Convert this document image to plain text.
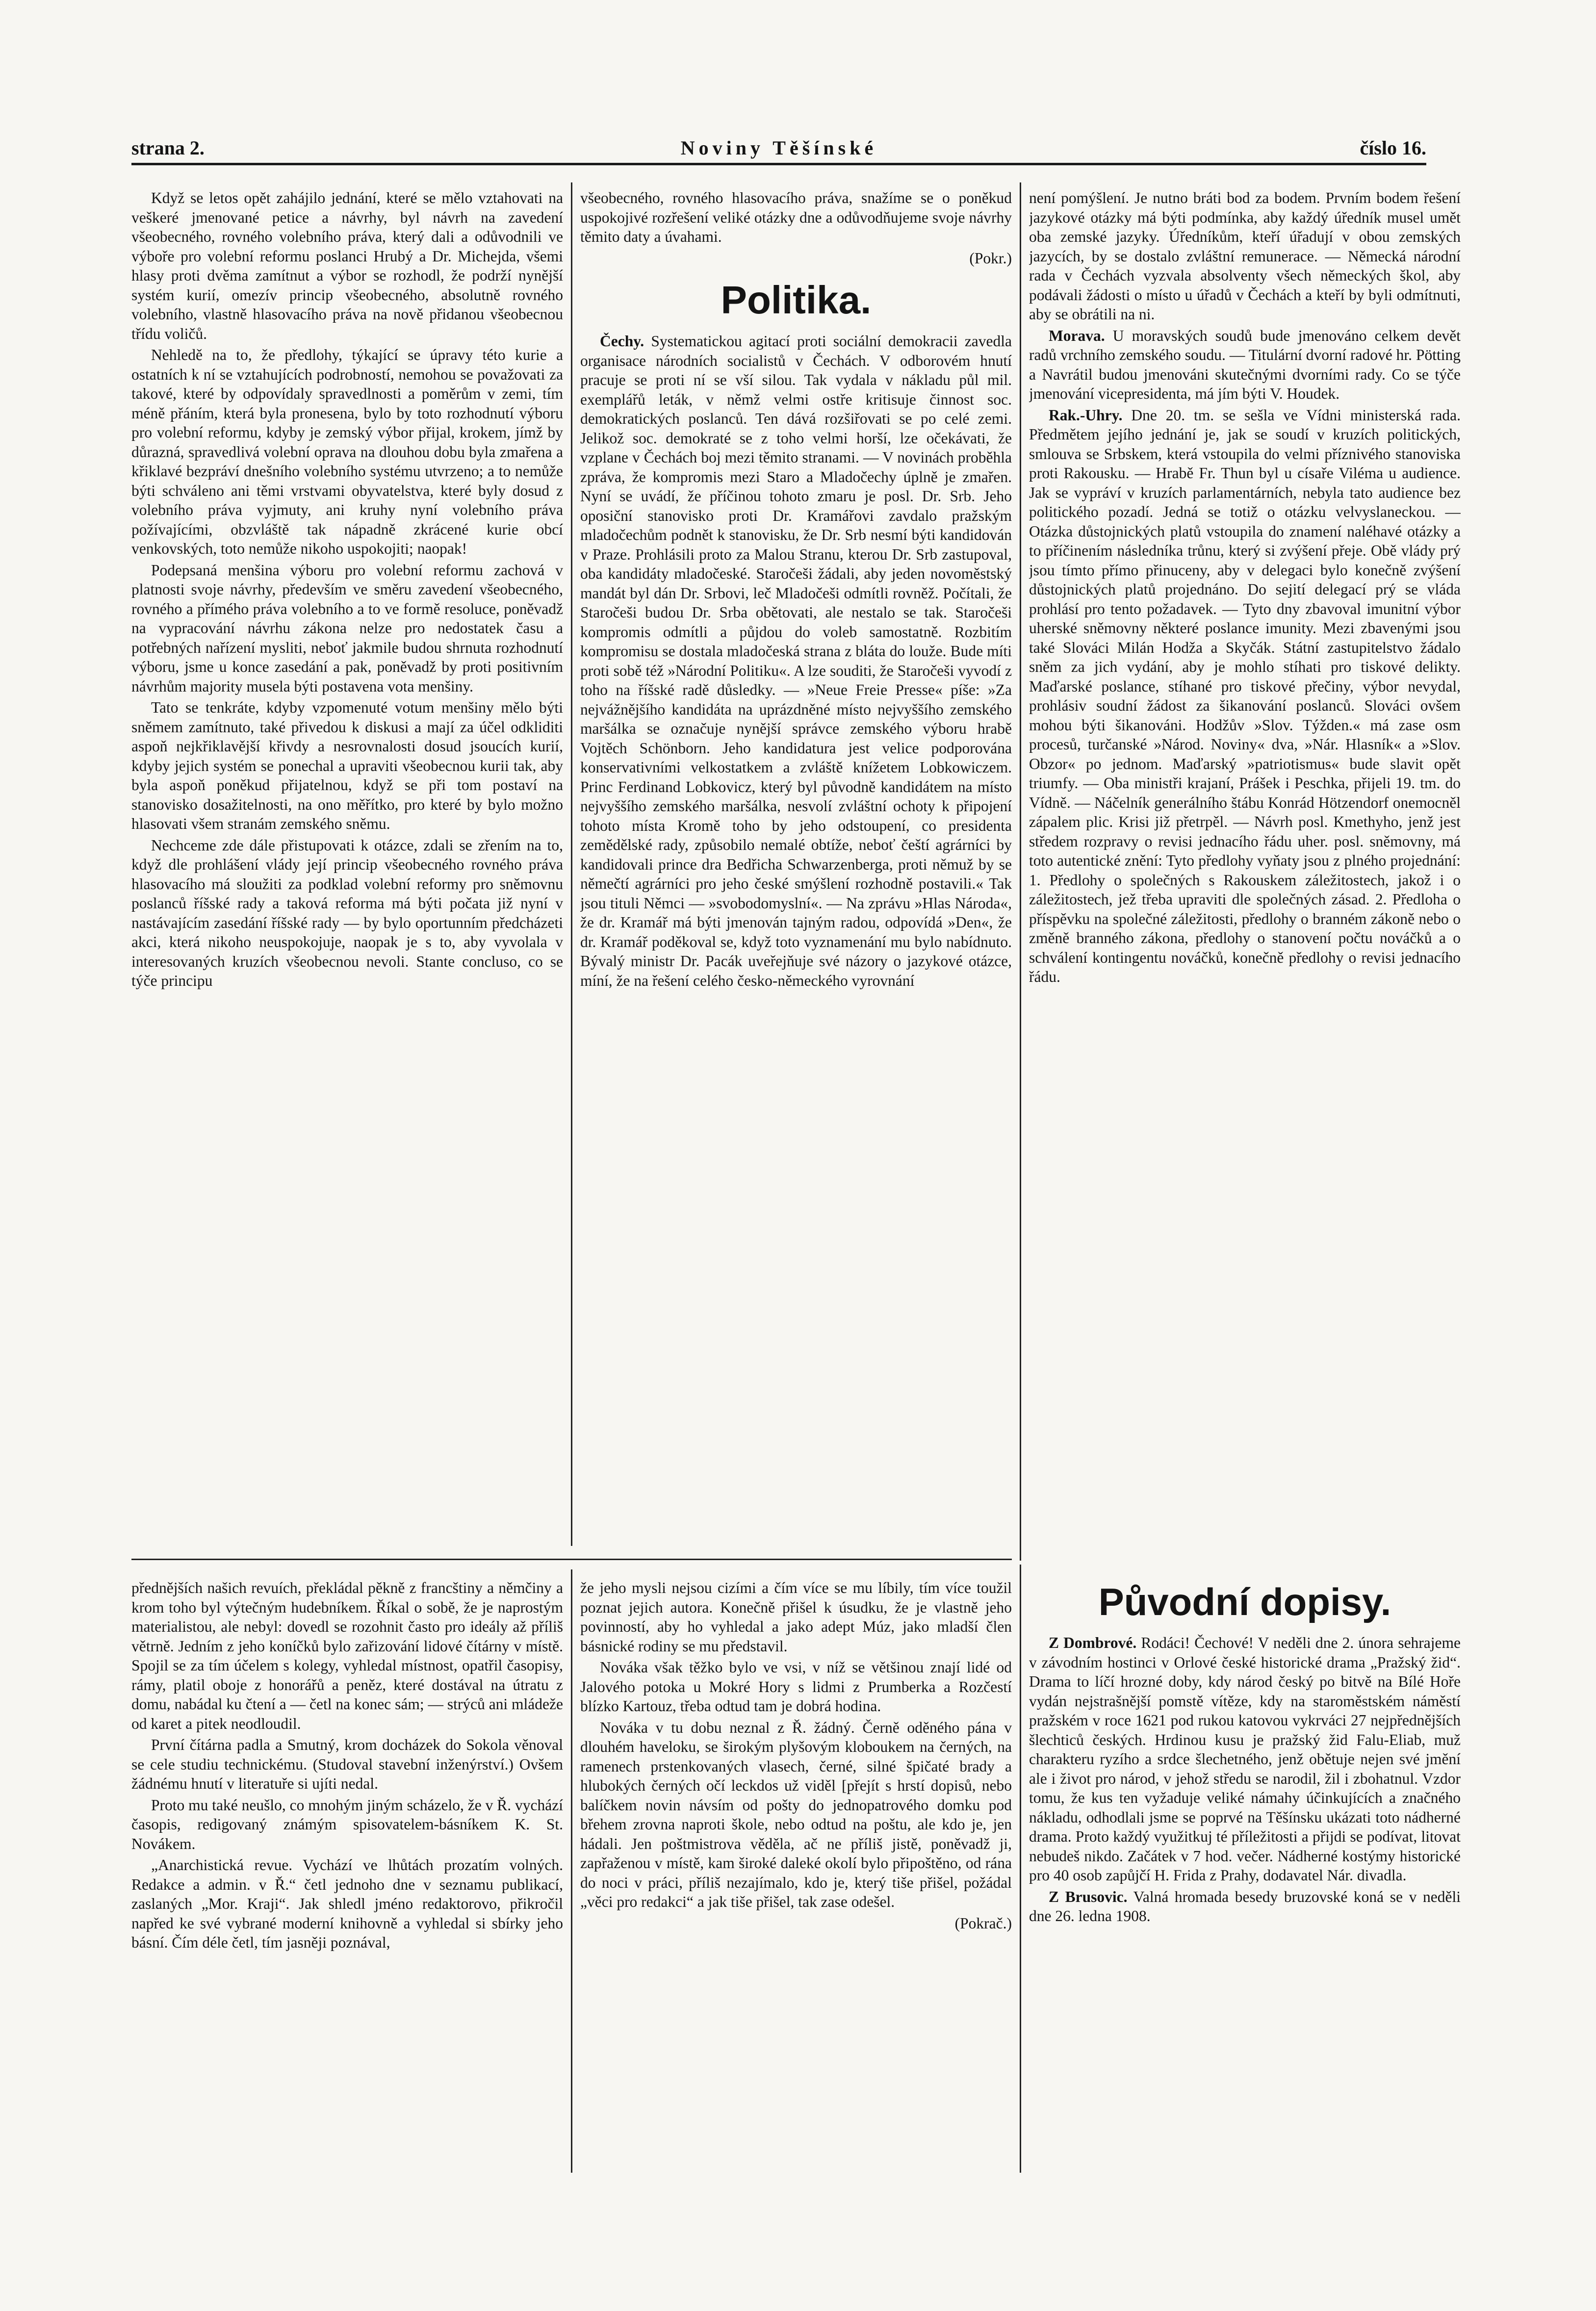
strana 2.	Noviny Těšínské	číslo 16.

Když se letos opět zahájilo jednání, které se mělo vztahovati na veškeré jmenované petice a návrhy, byl návrh na zavedení všeobecného, rovného volebního práva, který dali a odůvodnili ve výboře pro volební reformu poslanci Hrubý a Dr. Michejda, všemi hlasy proti dvěma zamítnut a výbor se rozhodl, že podrží nynější systém kurií, omezív princip všeobecného, absolutně rovného volebního, vlastně hlasovacího práva na nově přidanou všeobecnou třídu voličů.

Nehledě na to, že předlohy, týkající se úpravy této kurie a ostatních k ní se vztahujících podrobností, nemohou se považovati za takové, které by odpovídaly spravedlnosti a poměrům v zemi, tím méně přáním, která byla pronesena, bylo by toto rozhodnutí výboru pro volební reformu, kdyby je zemský výbor přijal, krokem, jímž by důrazná, spravedlivá volební oprava na dlouhou dobu byla zmařena a křiklavé bezpráví dnešního volebního systému utvrzeno; a to nemůže býti schváleno ani těmi vrstvami obyvatelstva, které byly dosud z volebního práva vyjmuty, ani kruhy nyní volebního práva požívajícími, obzvláště tak nápadně zkrácené kurie obcí venkovských, toto nemůže nikoho uspokojiti; naopak!

Podepsaná menšina výboru pro volební reformu zachová v platnosti svoje návrhy, především ve směru zavedení všeobecného, rovného a přímého práva volebního a to ve formě resoluce, poněvadž na vypracování návrhu zákona nelze pro nedostatek času a potřebných nařízení mysliti, neboť jakmile budou shrnuta rozhodnutí výboru, jsme u konce zasedání a pak, poněvadž by proti positivním návrhům majority musela býti postavena vota menšiny.

Tato se tenkráte, kdyby vzpomenuté votum menšiny mělo býti sněmem zamítnuto, také přivedou k diskusi a mají za účel odkliditi aspoň nejkřiklavější křivdy a nesrovnalosti dosud jsoucích kurií, kdyby jejich systém se ponechal a upraviti všeobecnou kurii tak, aby byla aspoň poněkud přijatelnou, když se při tom postaví na stanovisko dosažitelnosti, na ono měřítko, pro které by bylo možno hlasovati všem stranám zemského sněmu.

Nechceme zde dále přistupovati k otázce, zdali se zřením na to, když dle prohlášení vlády její princip všeobecného rovného práva hlasovacího má sloužiti za podklad volební reformy pro sněmovnu poslanců říšské rady a taková reforma má býti počata již nyní v nastávajícím zasedání říšské rady — by bylo oportunním předcházeti akci, která nikoho neuspokojuje, naopak je s to, aby vyvolala v interesovaných kruzích všeobecnou nevoli. Stante concluso, co se týče principu

všeobecného, rovného hlasovacího práva, snažíme se o poněkud uspokojivé rozřešení veliké otázky dne a odůvodňujeme svoje návrhy těmito daty a úvahami.

(Pokr.)

Politika.

Čechy. Systematickou agitací proti sociální demokracii zavedla organisace národních socialistů v Čechách. V odborovém hnutí pracuje se proti ní se vší silou. Tak vydala v nákladu půl mil. exemplářů leták, v němž velmi ostře kritisuje činnost soc. demokratických poslanců. Ten dává rozšiřovati se po celé zemi. Jelikož soc. demokraté se z toho velmi horší, lze očekávati, že vzplane v Čechách boj mezi těmito stranami. — V novinách proběhla zpráva, že kompromis mezi Staro a Mladočechy úplně je zmařen. Nyní se uvádí, že příčinou tohoto zmaru je posl. Dr. Srb. Jeho oposiční stanovisko proti Dr. Kramářovi zavdalo pražským mladočechům podnět k stanovisku, že Dr. Srb nesmí býti kandidován v Praze. Prohlásili proto za Malou Stranu, kterou Dr. Srb zastupoval, oba kandidáty mladočeské. Staročeši žádali, aby jeden novoměstský mandát byl dán Dr. Srbovi, leč Mladočeši odmítli rovněž. Počítali, že Staročeši budou Dr. Srba obětovati, ale nestalo se tak. Staročeši kompromis odmítli a půjdou do voleb samostatně. Rozbitím kompromisu se dostala mladočeská strana z bláta do louže. Bude míti proti sobě též »Národní Politiku«. A lze souditi, že Staročeši vyvodí z toho na říšské radě důsledky. — »Neue Freie Presse« píše: »Za nejvážnějšího kandidáta na uprázdněné místo nejvyššího zemského maršálka se označuje nynější správce zemského výboru hrabě Vojtěch Schönborn. Jeho kandidatura jest velice podporována konservativními velkostatkem a zvláště knížetem Lobkowiczem. Princ Ferdinand Lobkovicz, který byl původně kandidátem na místo nejvyššího zemského maršálka, nesvolí zvláštní ochoty k připojení tohoto místa Kromě toho by jeho odstoupení, co presidenta zemědělské rady, způsobilo nemalé obtíže, neboť čeští agrárníci by kandidovali prince dra Bedřicha Schwarzenberga, proti němuž by se němečtí agrárníci pro jeho české smýšlení rozhodně postavili.« Tak jsou tituli Němci — »svobodomyslní«. — Na zprávu »Hlas Národa«, že dr. Kramář má býti jmenován tajným radou, odpovídá »Den«, že dr. Kramář poděkoval se, když toto vyznamenání mu bylo nabídnuto. Bývalý ministr Dr. Pacák uveřejňuje své názory o jazykové otázce, míní, že na řešení celého česko-německého vyrovnání

není pomýšlení. Je nutno bráti bod za bodem. Prvním bodem řešení jazykové otázky má býti podmínka, aby každý úředník musel umět oba zemské jazyky. Úředníkům, kteří úřadují v obou zemských jazycích, by se dostalo zvláštní remunerace. — Německá národní rada v Čechách vyzvala absolventy všech německých škol, aby podávali žádosti o místo u úřadů v Čechách a kteří by byli odmítnuti, aby se obrátili na ni.

Morava. U moravských soudů bude jmenováno celkem devět radů vrchního zemského soudu. — Titulární dvorní radové hr. Pötting a Navrátil budou jmenováni skutečnými dvorními rady. Co se týče jmenování vicepresidenta, má jím býti V. Houdek.

Rak.-Uhry. Dne 20. tm. se sešla ve Vídni ministerská rada. Předmětem jejího jednání je, jak se soudí v kruzích politických, smlouva se Srbskem, která vstoupila do velmi příznivého stanoviska proti Rakousku. — Hrabě Fr. Thun byl u císaře Viléma u audience. Jak se vypráví v kruzích parlamentárních, nebyla tato audience bez politického pozadí. Jedná se totiž o otázku velvyslaneckou. — Otázka důstojnických platů vstoupila do znamení naléhavé otázky a to příčinením následníka trůnu, který si zvýšení přeje. Obě vlády prý jsou tímto přímo přinuceny, aby v delegaci bylo konečně zvýšení důstojnických platů projednáno. Do sejití delegací prý se vláda prohlásí pro tento požadavek. — Tyto dny zbavoval imunitní výbor uherské sněmovny některé poslance imunity. Mezi zbavenými jsou také Slováci Milán Hodža a Skyčák. Státní zastupitelstvo žádalo sněm za jich vydání, aby je mohlo stíhati pro tiskové delikty. Maďarské poslance, stíhané pro tiskové přečiny, výbor nevydal, prohlásiv soudní žádost za šikanování poslanců. Slováci ovšem mohou býti šikanováni. Hodžův »Slov. Týžden.« má zase osm procesů, turčanské »Národ. Noviny« dva, »Nár. Hlasník« a »Slov. Obzor« po jednom. Maďarský »patriotismus« bude slavit opět triumfy. — Oba ministři krajaní, Prášek i Peschka, přijeli 19. tm. do Vídně. — Náčelník generálního štábu Konrád Hötzendorf onemocněl zápalem plic. Krisi již přetrpěl. — Návrh posl. Kmethyho, jenž jest středem rozpravy o revisi jednacího řádu uher. posl. sněmovny, má toto autentické znění: Tyto předlohy vyňaty jsou z plného projednání: 1. Předlohy o společných s Rakouskem záležitostech, jakož i o záležitostech, jež třeba upraviti dle společných zásad. 2. Předloha o příspěvku na společné záležitosti, předlohy o branném zákoně nebo o změně branného zákona, předlohy o stanovení počtu nováčků a o schválení kontingentu nováčků, konečně předlohy o revisi jednacího řádu.

přednějších našich revuích, překládal pěkně z francštiny a němčiny a krom toho byl výtečným hudebníkem. Říkal o sobě, že je naprostým materialistou, ale nebyl: dovedl se rozohnit často pro ideály až příliš větrně. Jedním z jeho koníčků bylo zařizování lidové čítárny v místě. Spojil se za tím účelem s kolegy, vyhledal místnost, opatřil časopisy, rámy, platil oboje z honorářů a peněz, které dostával na útratu z domu, nabádal ku čtení a — četl na konec sám; — strýců ani mládeže od karet a pitek neodloudil.

První čítárna padla a Smutný, krom docházek do Sokola věnoval se cele studiu technickému. (Studoval stavební inženýrství.) Ovšem žádnému hnutí v literatuře si ujíti nedal.

Proto mu také neušlo, co mnohým jiným scházelo, že v Ř. vychází časopis, redigovaný známým spisovatelem-básníkem K. St. Novákem.

„Anarchistická revue. Vychází ve lhůtách prozatím volných. Redakce a admin. v Ř.“ četl jednoho dne v seznamu publikací, zaslaných „Mor. Kraji“. Jak shledl jméno redaktorovo, přikročil napřed ke své vybrané moderní knihovně a vyhledal si sbírky jeho básní. Čím déle četl, tím jasněji poznával,

že jeho mysli nejsou cizími a čím více se mu líbily, tím více toužil poznat jejich autora. Konečně přišel k úsudku, že je vlastně jeho povinností, aby ho vyhledal a jako adept Múz, jako mladší člen básnické rodiny se mu představil.

Nováka však těžko bylo ve vsi, v níž se většinou znají lidé od Jalového potoka u Mokré Hory s lidmi z Prumberka a Rozčestí blízko Kartouz, třeba odtud tam je dobrá hodina.

Nováka v tu dobu neznal z Ř. žádný. Černě oděného pána v dlouhém havelоku, se širokým plyšovým kloboukem na černých, na ramenech prstenkovaných vlasech, černé, silné špičaté brady a hlubokých černých očí leckdos už viděl [přejít s hrstí dopisů, nebo balíčkem novin návsím od pošty do jednopatrového domku pod břehem zrovna naproti škole, nebo odtud na poštu, ale kdo je, jen hádali. Jen poštmistrova věděla, ač ne příliš jistě, poněvadž ji, zapřaženou v místě, kam široké daleké okolí bylo připoštěno, od rána do noci v práci, příliš nezajímalo, kdo je, který tiše přišel, požádal „věci pro redakci“ a jak tiše přišel, tak zase odešel.

(Pokrač.)

Původní dopisy.

Z Dombrové. Rodáci! Čechové! V neděli dne 2. února sehrajeme v závodním hostinci v Orlové české historické drama „Pražský žid“. Drama to líčí hrozné doby, kdy národ český po bitvě na Bílé Hoře vydán nejstrašnější pomstě vítěze, kdy na staroměstském náměstí pražském v roce 1621 pod rukou katovou vykrváci 27 nejpřednějších šlechticů českých. Hrdinou kusu je pražský žid Falu-Eliab, muž charakteru ryzího a srdce šlechetného, jenž obětuje nejen své jmění ale i život pro národ, v jehož středu se narodil, žil i zbohatnul. Vzdor tomu, že kus ten vyžaduje veliké námahy účinkujících a značného nákladu, odhodlali jsme se poprvé na Těšínsku ukázati toto nádherné drama. Proto každý využitkuj té příležitosti a přijdi se podívat, litovat nebudeš nikdo. Začátek v 7 hod. večer. Nádherné kostýmy historické pro 40 osob zapůjčí H. Frida z Prahy, dodavatel Nár. divadla.

Z Brusovic. Valná hromada besedy bruzovské koná se v neděli dne 26. ledna 1908.
